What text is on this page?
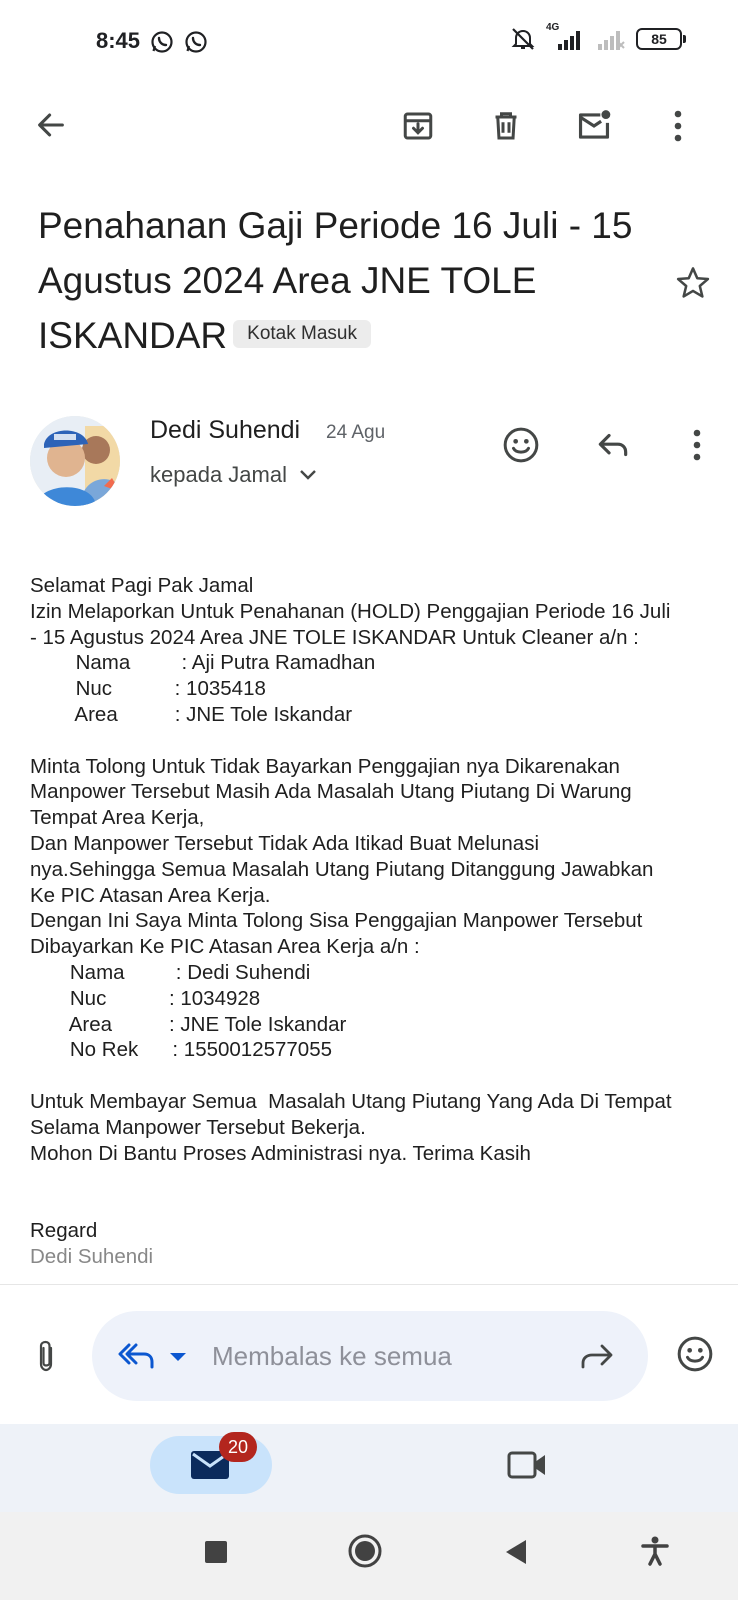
8:45
4G
85
Penahanan Gaji Periode 16 Juli - 15 Agustus 2024 Area JNE TOLE ISKANDAR Kotak Masuk
Dedi Suhendi 24 Agu
kepada Jamal
Selamat Pagi Pak Jamal
Izin Melaporkan Untuk Penahanan (HOLD) Penggajian Periode 16 Juli
- 15 Agustus 2024 Area JNE TOLE ISKANDAR Untuk Cleaner a/n :
Nama         : Aji Putra Ramadhan
Nuc           : 1035418
Area          : JNE Tole Iskandar
Minta Tolong Untuk Tidak Bayarkan Penggajian nya Dikarenakan
Manpower Tersebut Masih Ada Masalah Utang Piutang Di Warung
Tempat Area Kerja,
Dan Manpower Tersebut Tidak Ada Itikad Buat Melunasi
nya.Sehingga Semua Masalah Utang Piutang Ditanggung Jawabkan
Ke PIC Atasan Area Kerja.
Dengan Ini Saya Minta Tolong Sisa Penggajian Manpower Tersebut
Dibayarkan Ke PIC Atasan Area Kerja a/n :
Nama         : Dedi Suhendi
Nuc           : 1034928
Area          : JNE Tole Iskandar
No Rek      : 1550012577055
Untuk Membayar Semua  Masalah Utang Piutang Yang Ada Di Tempat
Selama Manpower Tersebut Bekerja.
Mohon Di Bantu Proses Administrasi nya. Terima Kasih
Regard
Dedi Suhendi
Membalas ke semua
20
